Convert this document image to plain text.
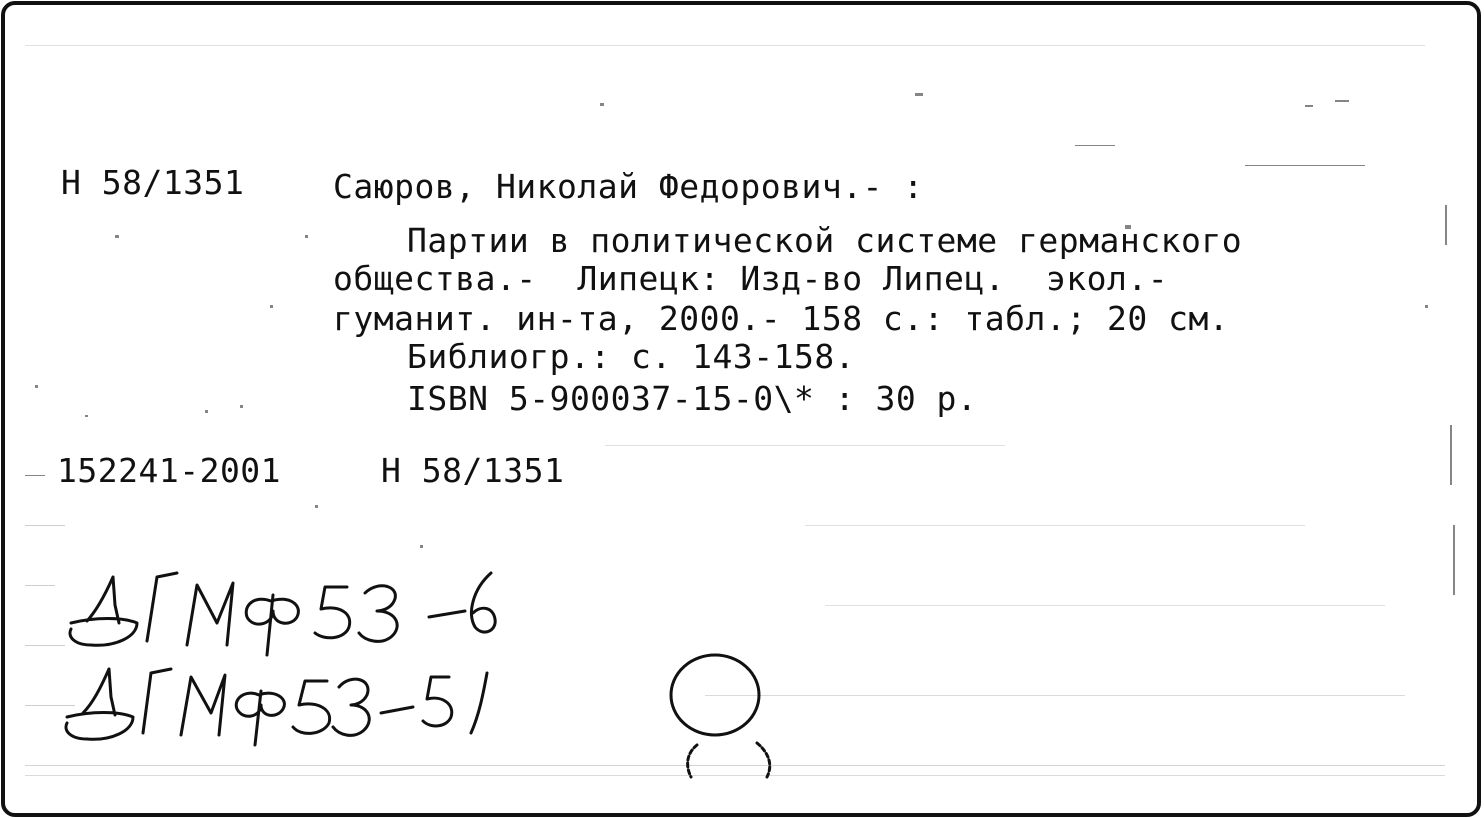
Н 58/1351	Саюров, Николай Федорович.- :
Партии в политической системе германского
общества.-  Липецк: Изд-во Липец.  экол.-
гуманит. ин-та, 2000.- 158 с.: табл.; 20 см.
Библиогр.: с. 143-158.
ISBN 5-900037-15-0\* : 30 р.
152241-2001	Н 58/1351
